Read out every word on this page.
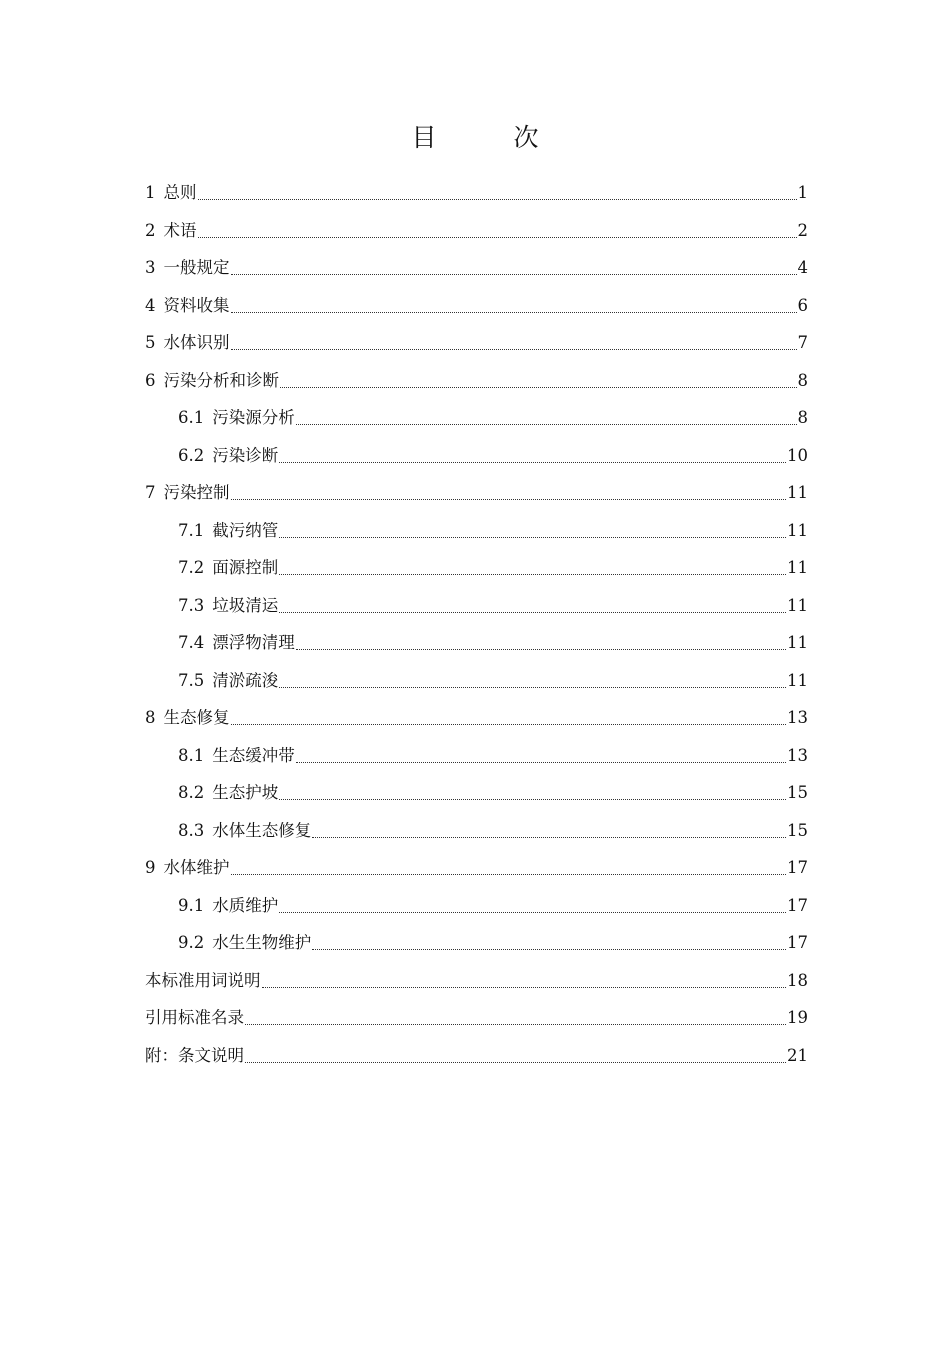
目　次
1 总则	1
2 术语	2
3 一般规定	4
4 资料收集	6
5 水体识别	7
6 污染分析和诊断	8
6.1 污染源分析	8
6.2 污染诊断	10
7 污染控制	11
7.1 截污纳管	11
7.2 面源控制	11
7.3 垃圾清运	11
7.4 漂浮物清理	11
7.5 清淤疏浚	11
8 生态修复	13
8.1 生态缓冲带	13
8.2 生态护坡	15
8.3 水体生态修复	15
9 水体维护	17
9.1 水质维护	17
9.2 水生生物维护	17
本标准用词说明	18
引用标准名录	19
附：条文说明	21
